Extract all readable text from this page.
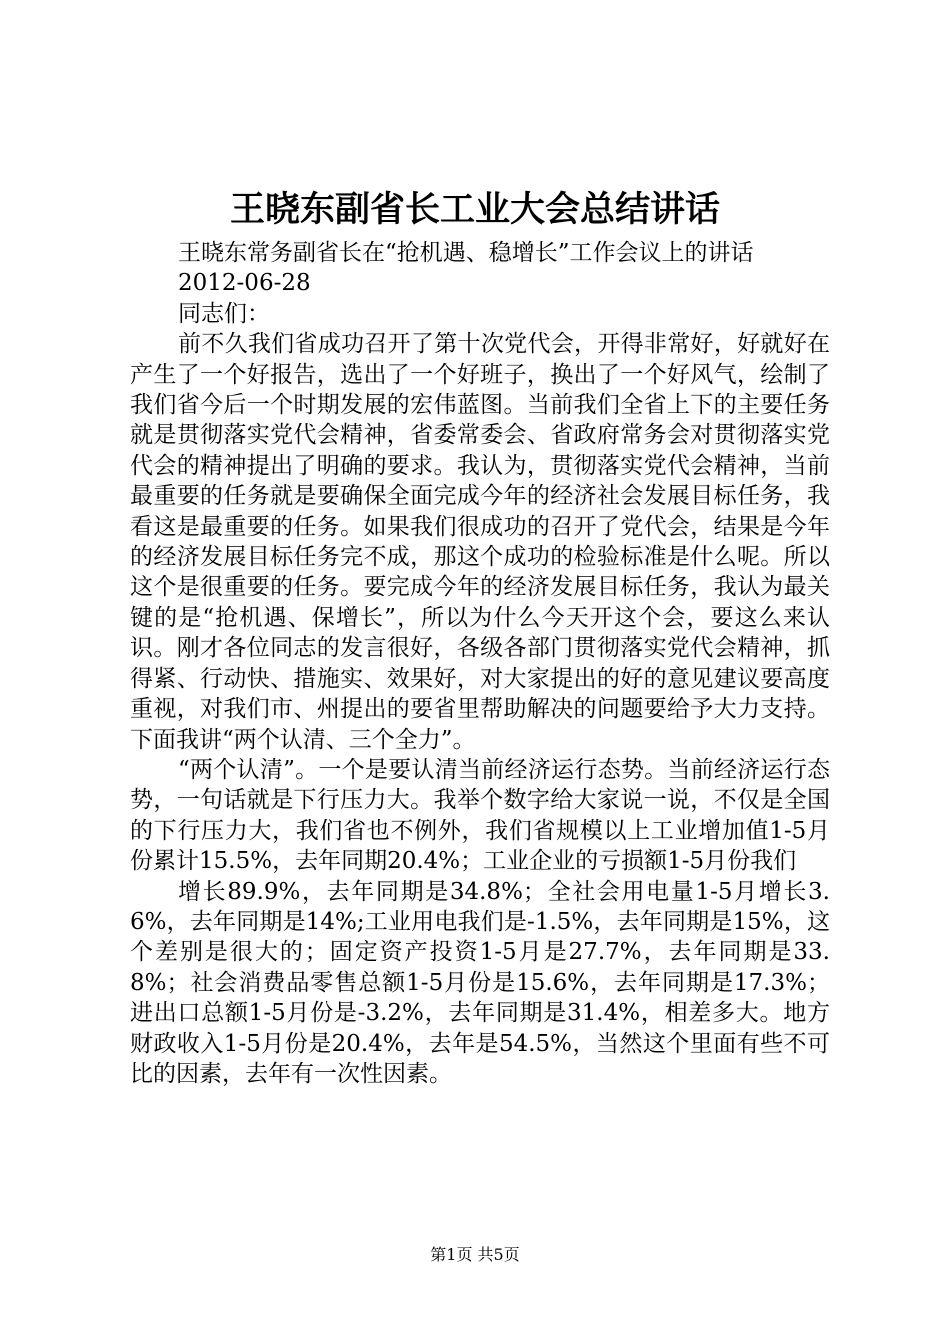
王晓东副省长工业大会总结讲话

王晓东常务副省长在“抢机遇、稳增长”工作会议上的讲话

2012-06-28

同志们：

前不久我们省成功召开了第十次党代会，开得非常好，好就好在产生了一个好报告，选出了一个好班子，换出了一个好风气，绘制了我们省今后一个时期发展的宏伟蓝图。当前我们全省上下的主要任务就是贯彻落实党代会精神，省委常委会、省政府常务会对贯彻落实党代会的精神提出了明确的要求。我认为，贯彻落实党代会精神，当前最重要的任务就是要确保全面完成今年的经济社会发展目标任务，我看这是最重要的任务。如果我们很成功的召开了党代会，结果是今年的经济发展目标任务完不成，那这个成功的检验标准是什么呢。所以这个是很重要的任务。要完成今年的经济发展目标任务，我认为最关键的是“抢机遇、保增长”，所以为什么今天开这个会，要这么来认识。刚才各位同志的发言很好，各级各部门贯彻落实党代会精神，抓得紧、行动快、措施实、效果好，对大家提出的好的意见建议要高度重视，对我们市、州提出的要省里帮助解决的问题要给予大力支持。下面我讲“两个认清、三个全力”。

“两个认清”。一个是要认清当前经济运行态势。当前经济运行态势，一句话就是下行压力大。我举个数字给大家说一说，不仅是全国的下行压力大，我们省也不例外，我们省规模以上工业增加值1-5月份累计15.5%，去年同期20.4%；工业企业的亏损额1-5月份我们

增长89.9%，去年同期是34.8%；全社会用电量1-5月增长3.6%，去年同期是14%;工业用电我们是-1.5%，去年同期是15%，这个差别是很大的；固定资产投资1-5月是27.7%，去年同期是33.8%；社会消费品零售总额1-5月份是15.6%，去年同期是17.3%；进出口总额1-5月份是-3.2%，去年同期是31.4%，相差多大。地方财政收入1-5月份是20.4%，去年是54.5%，当然这个里面有些不可比的因素，去年有一次性因素。

第1页 共5页
